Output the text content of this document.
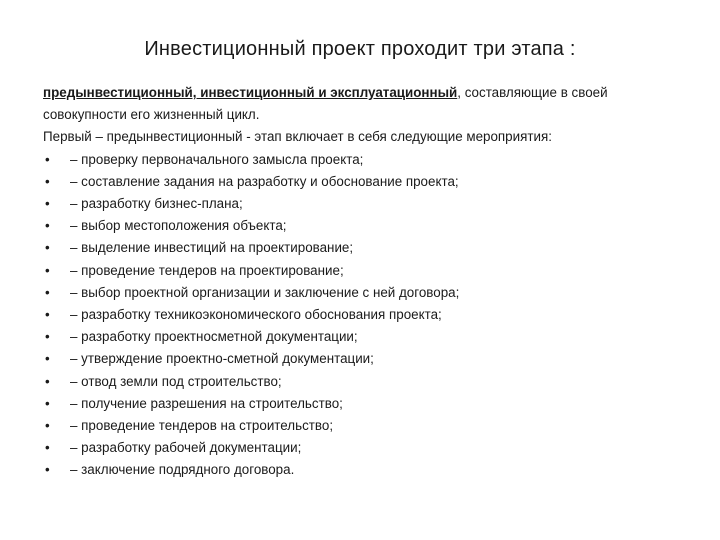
Инвестиционный проект проходит три этапа :

предынвестиционный, инвестиционный и эксплуатационный, составляющие в своей

совокупности его жизненный цикл.

Первый – предынвестиционный - этап включает в себя следующие мероприятия:

• – проверку первоначального замысла проекта;
• – составление задания на разработку и обоснование проекта;
• – разработку бизнес-плана;
• – выбор местоположения объекта;
• – выделение инвестиций на проектирование;
• – проведение тендеров на проектирование;
• – выбор проектной организации и заключение с ней договора;
• – разработку техникоэкономического обоснования проекта;
• – разработку проектносметной документации;
• – утверждение проектно-сметной документации;
• – отвод земли под строительство;
• – получение разрешения на строительство;
• – проведение тендеров на строительство;
• – разработку рабочей документации;
• – заключение подрядного договора.
